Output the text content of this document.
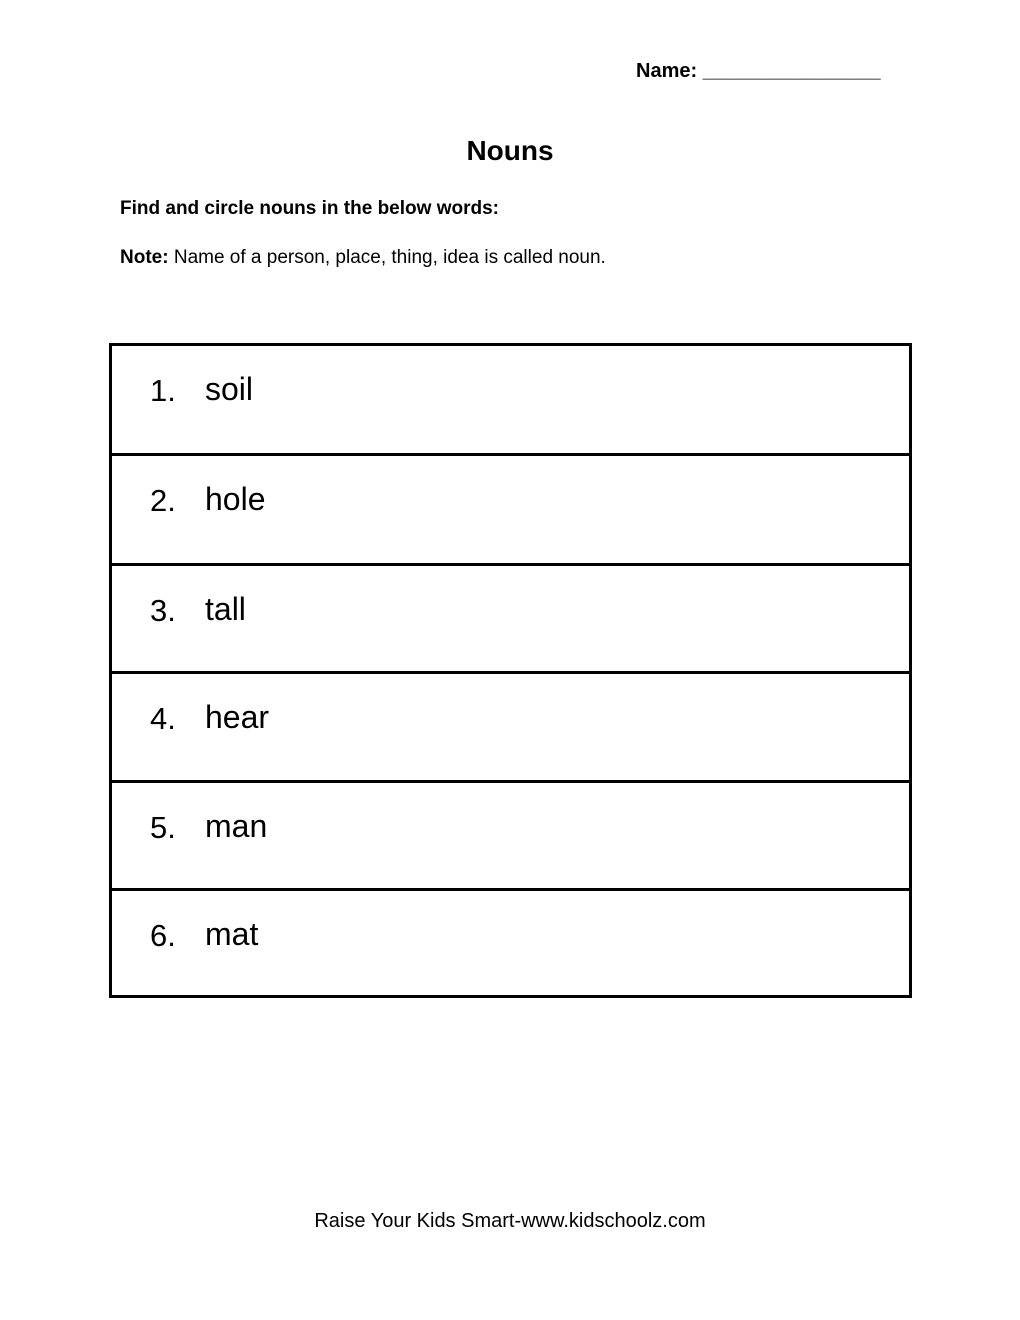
Name: ________________
Nouns
Find and circle nouns in the below words:
Note: Name of a person, place, thing, idea is called noun.
1. soil
2. hole
3. tall
4. hear
5. man
6. mat
Raise Your Kids Smart-www.kidschoolz.com
